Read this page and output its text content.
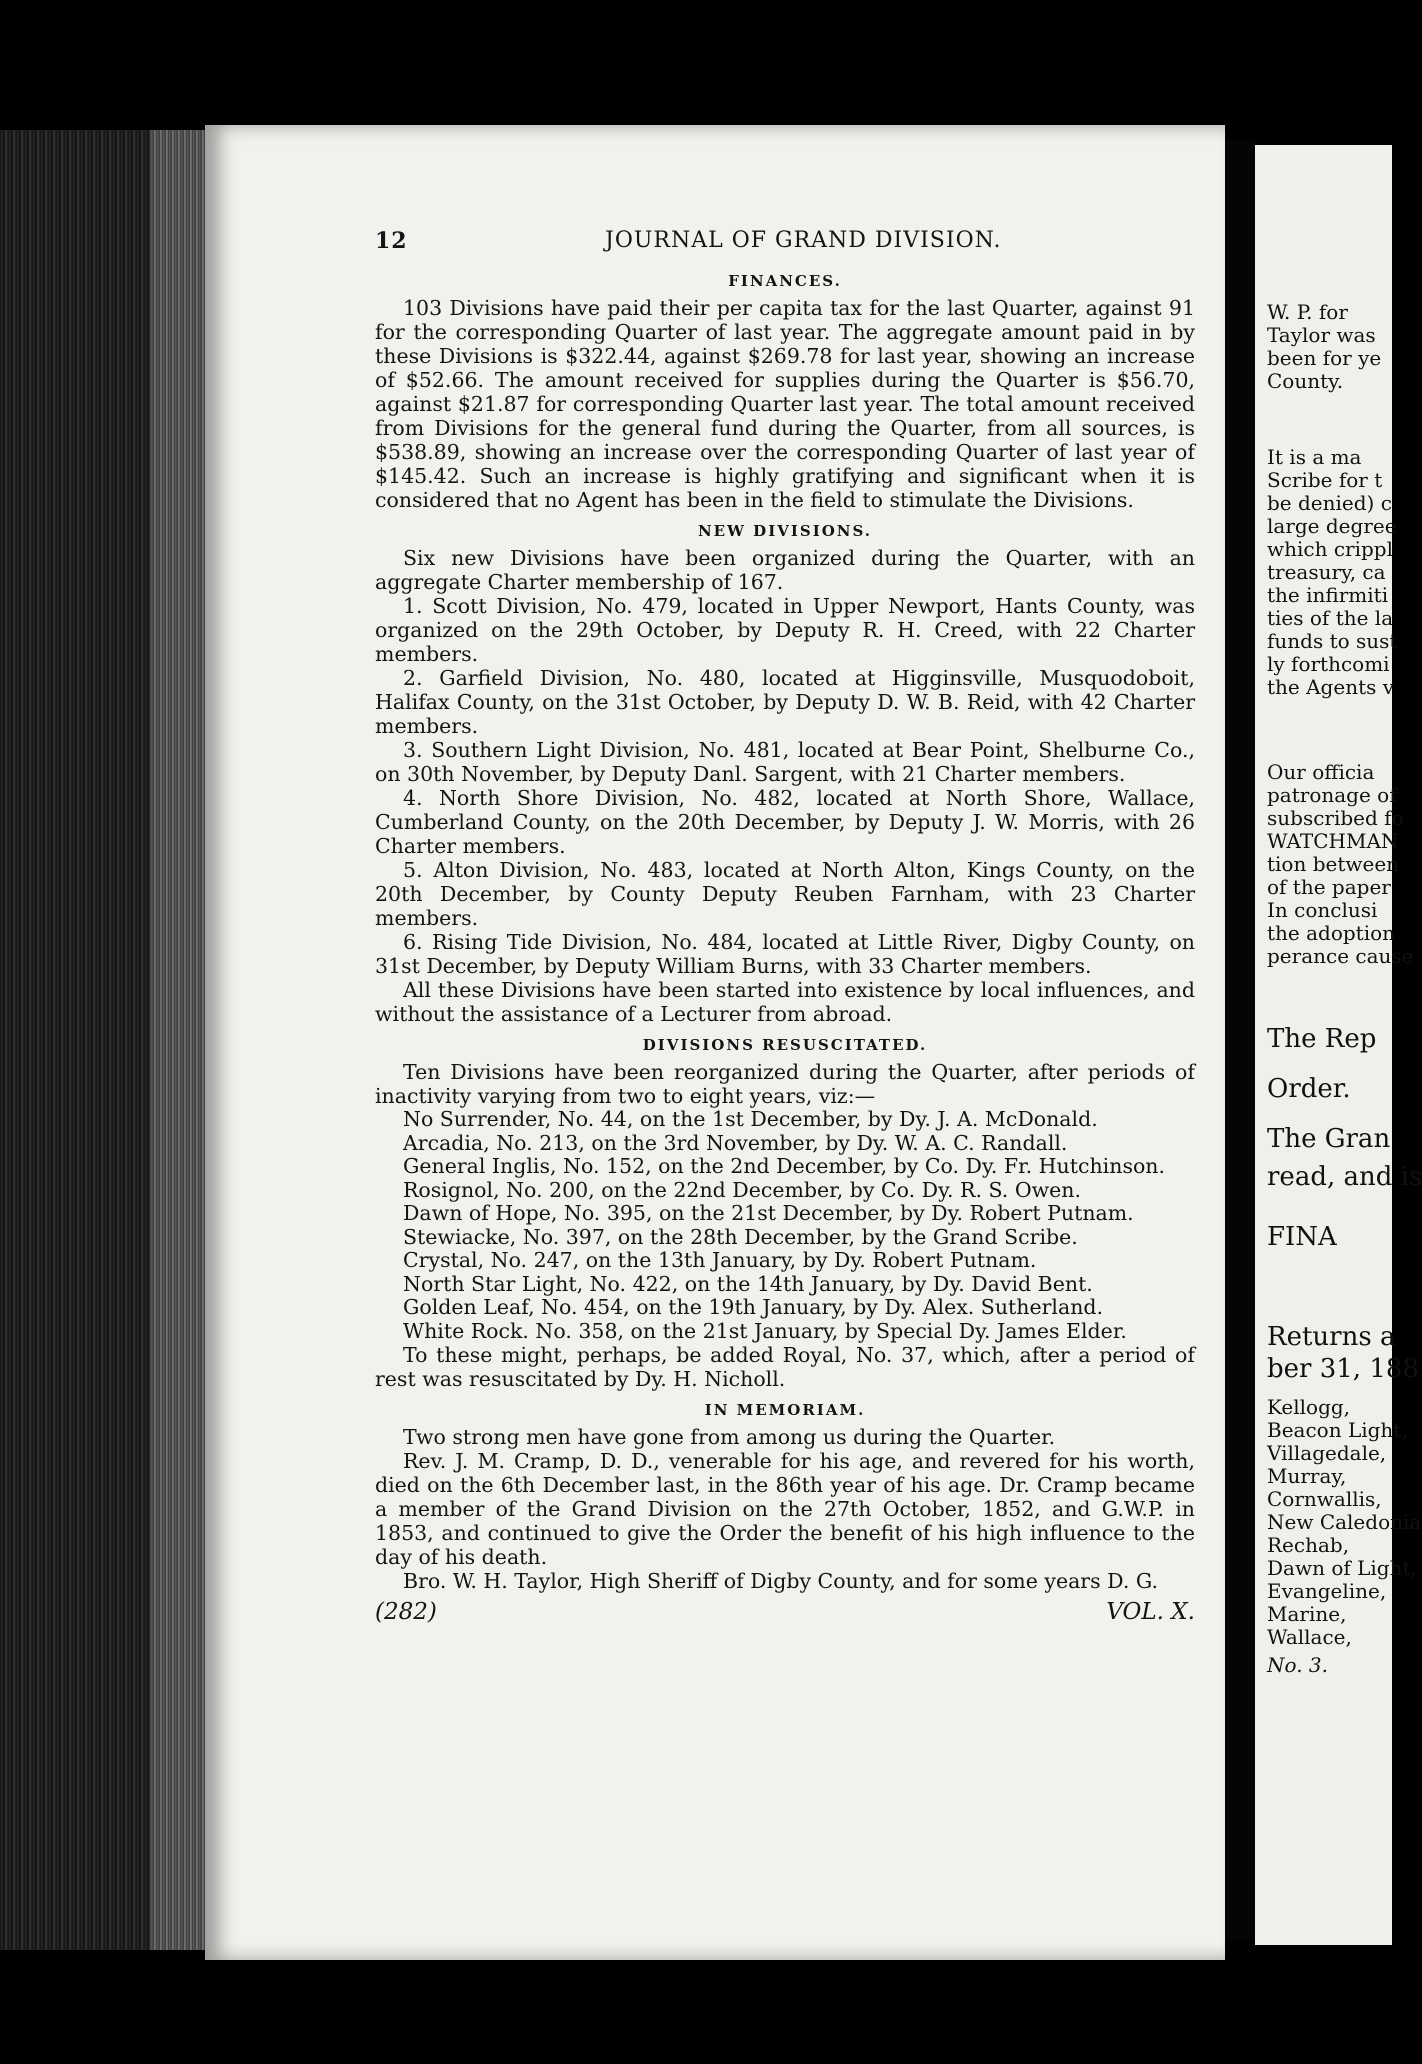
12	JOURNAL OF GRAND DIVISION.
FINANCES.

103 Divisions have paid their per capita tax for the last Quarter, against 91 for the corresponding Quarter of last year. The aggregate amount paid in by these Divisions is $322.44, against $269.78 for last year, showing an increase of $52.66. The amount received for supplies during the Quarter is $56.70, against $21.87 for corresponding Quarter last year. The total amount received from Divisions for the general fund during the Quarter, from all sources, is $538.89, showing an increase over the corresponding Quarter of last year of $145.42. Such an increase is highly gratifying and significant when it is considered that no Agent has been in the field to stimulate the Divisions.

NEW DIVISIONS.

Six new Divisions have been organized during the Quarter, with an aggregate Charter membership of 167.

1. Scott Division, No. 479, located in Upper Newport, Hants County, was organized on the 29th October, by Deputy R. H. Creed, with 22 Charter members.

2. Garfield Division, No. 480, located at Higginsville, Musquodoboit, Halifax County, on the 31st October, by Deputy D. W. B. Reid, with 42 Charter members.

3. Southern Light Division, No. 481, located at Bear Point, Shelburne Co., on 30th November, by Deputy Danl. Sargent, with 21 Charter members.

4. North Shore Division, No. 482, located at North Shore, Wallace, Cumberland County, on the 20th December, by Deputy J. W. Morris, with 26 Charter members.

5. Alton Division, No. 483, located at North Alton, Kings County, on the 20th December, by County Deputy Reuben Farnham, with 23 Charter members.

6. Rising Tide Division, No. 484, located at Little River, Digby County, on 31st December, by Deputy William Burns, with 33 Charter members.

All these Divisions have been started into existence by local influences, and without the assistance of a Lecturer from abroad.

DIVISIONS RESUSCITATED.

Ten Divisions have been reorganized during the Quarter, after periods of inactivity varying from two to eight years, viz:—

No Surrender, No. 44, on the 1st December, by Dy. J. A. McDonald.

Arcadia, No. 213, on the 3rd November, by Dy. W. A. C. Randall.

General Inglis, No. 152, on the 2nd December, by Co. Dy. Fr. Hutchinson.

Rosignol, No. 200, on the 22nd December, by Co. Dy. R. S. Owen.

Dawn of Hope, No. 395, on the 21st December, by Dy. Robert Putnam.

Stewiacke, No. 397, on the 28th December, by the Grand Scribe.

Crystal, No. 247, on the 13th January, by Dy. Robert Putnam.

North Star Light, No. 422, on the 14th January, by Dy. David Bent.

Golden Leaf, No. 454, on the 19th January, by Dy. Alex. Sutherland.

White Rock. No. 358, on the 21st January, by Special Dy. James Elder.

To these might, perhaps, be added Royal, No. 37, which, after a period of rest was resuscitated by Dy. H. Nicholl.

IN MEMORIAM.

Two strong men have gone from among us during the Quarter.

Rev. J. M. Cramp, D. D., venerable for his age, and revered for his worth, died on the 6th December last, in the 86th year of his age. Dr. Cramp became a member of the Grand Division on the 27th October, 1852, and G.W.P. in 1853, and continued to give the Order the benefit of his high influence to the day of his death.

Bro. W. H. Taylor, High Sheriff of Digby County, and for some years D. G.

(282)	VOL. X.
W. P. for
Taylor was
been for ye
County.
It is a ma
Scribe for t
be denied) c
large degree
which crippl
treasury, ca
the infirmiti
ties of the la
funds to sust
ly forthcomi
the Agents v
Our officia
patronage of
subscribed fo
WATCHMAN
tion between
of the paper
In conclusi
the adoption
perance cause
The Rep
Order.
The Gran
read, and is
FINA
Returns a
ber 31, 188
Kellogg,
Beacon Light,
Villagedale,
Murray,
Cornwallis,
New Caledonia
Rechab,
Dawn of Light,
Evangeline,
Marine,
Wallace,
No. 3.
